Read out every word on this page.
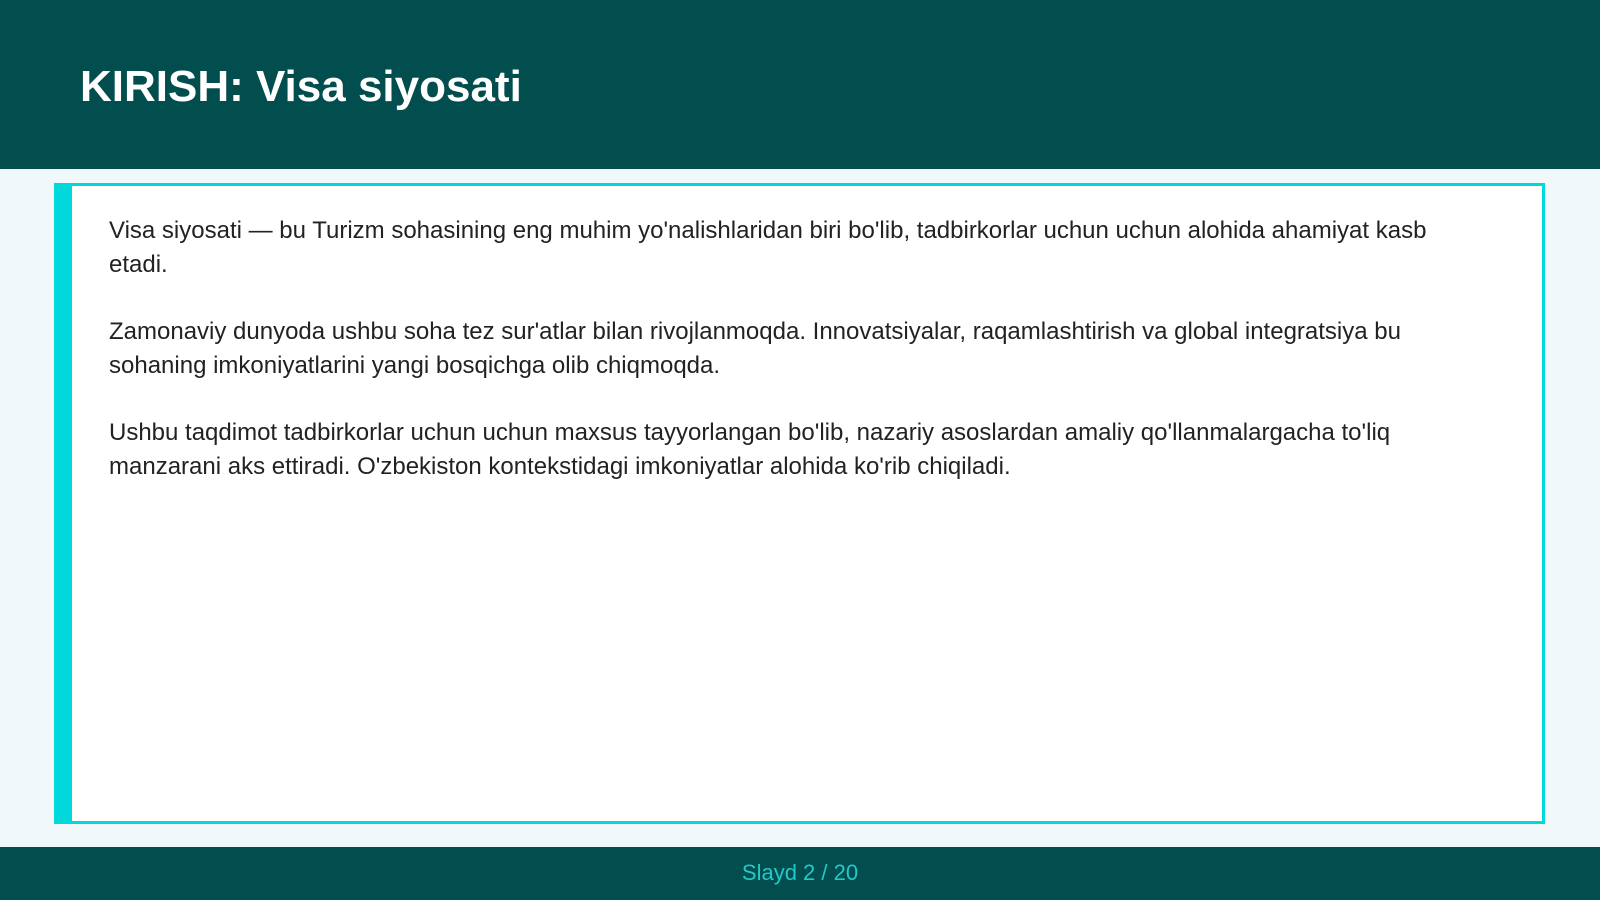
KIRISH: Visa siyosati

Visa siyosati — bu Turizm sohasining eng muhim yo'nalishlaridan biri bo'lib, tadbirkorlar uchun uchun alohida ahamiyat kasb etadi.

Zamonaviy dunyoda ushbu soha tez sur'atlar bilan rivojlanmoqda. Innovatsiyalar, raqamlashtirish va global integratsiya bu sohaning imkoniyatlarini yangi bosqichga olib chiqmoqda.

Ushbu taqdimot tadbirkorlar uchun uchun maxsus tayyorlangan bo'lib, nazariy asoslardan amaliy qo'llanmalargacha to'liq manzarani aks ettiradi. O'zbekiston kontekstidagi imkoniyatlar alohida ko'rib chiqiladi.

Slayd 2 / 20
